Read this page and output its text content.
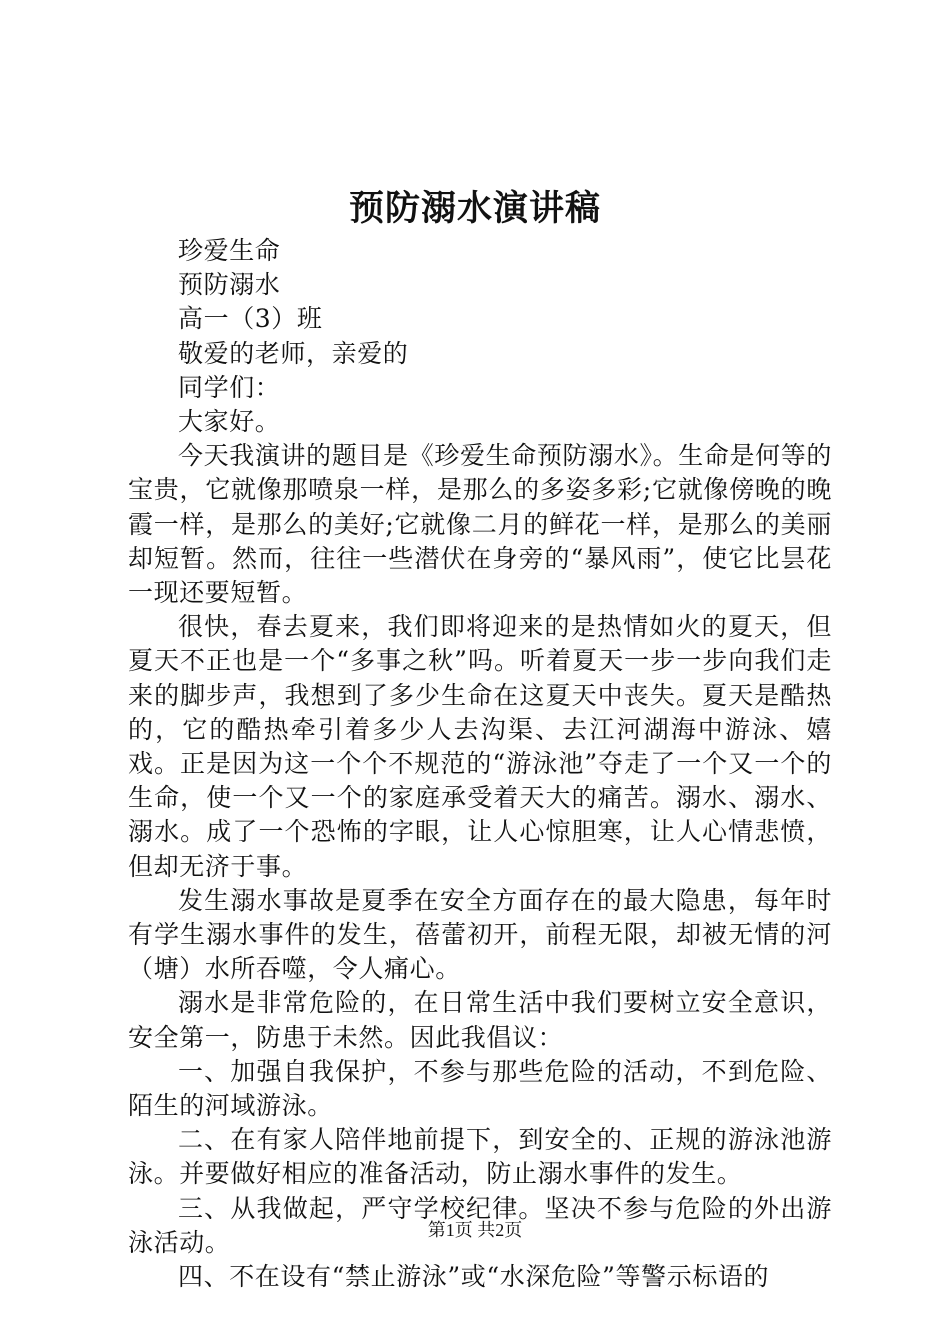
预防溺水演讲稿

珍爱生命

预防溺水

高一（3）班

敬爱的老师，亲爱的

同学们：

大家好。

今天我演讲的题目是《珍爱生命预防溺水》。生命是何等的宝贵，它就像那喷泉一样，是那么的多姿多彩;它就像傍晚的晚霞一样，是那么的美好;它就像二月的鲜花一样，是那么的美丽却短暂。然而，往往一些潜伏在身旁的“暴风雨”，使它比昙花一现还要短暂。

很快，春去夏来，我们即将迎来的是热情如火的夏天，但夏天不正也是一个“多事之秋”吗。听着夏天一步一步向我们走来的脚步声，我想到了多少生命在这夏天中丧失。夏天是酷热的，它的酷热牵引着多少人去沟渠、去江河湖海中游泳、嬉戏。正是因为这一个个不规范的“游泳池”夺走了一个又一个的生命，使一个又一个的家庭承受着天大的痛苦。溺水、溺水、溺水。成了一个恐怖的字眼，让人心惊胆寒，让人心情悲愤，但却无济于事。

发生溺水事故是夏季在安全方面存在的最大隐患，每年时有学生溺水事件的发生，蓓蕾初开，前程无限，却被无情的河（塘）水所吞噬，令人痛心。

溺水是非常危险的，在日常生活中我们要树立安全意识，安全第一，防患于未然。因此我倡议：

一、加强自我保护，不参与那些危险的活动，不到危险、陌生的河域游泳。

二、在有家人陪伴地前提下，到安全的、正规的游泳池游泳。并要做好相应的准备活动，防止溺水事件的发生。

三、从我做起，严守学校纪律。坚决不参与危险的外出游泳活动。

四、不在设有“禁止游泳”或“水深危险”等警示标语的

第1页 共2页
